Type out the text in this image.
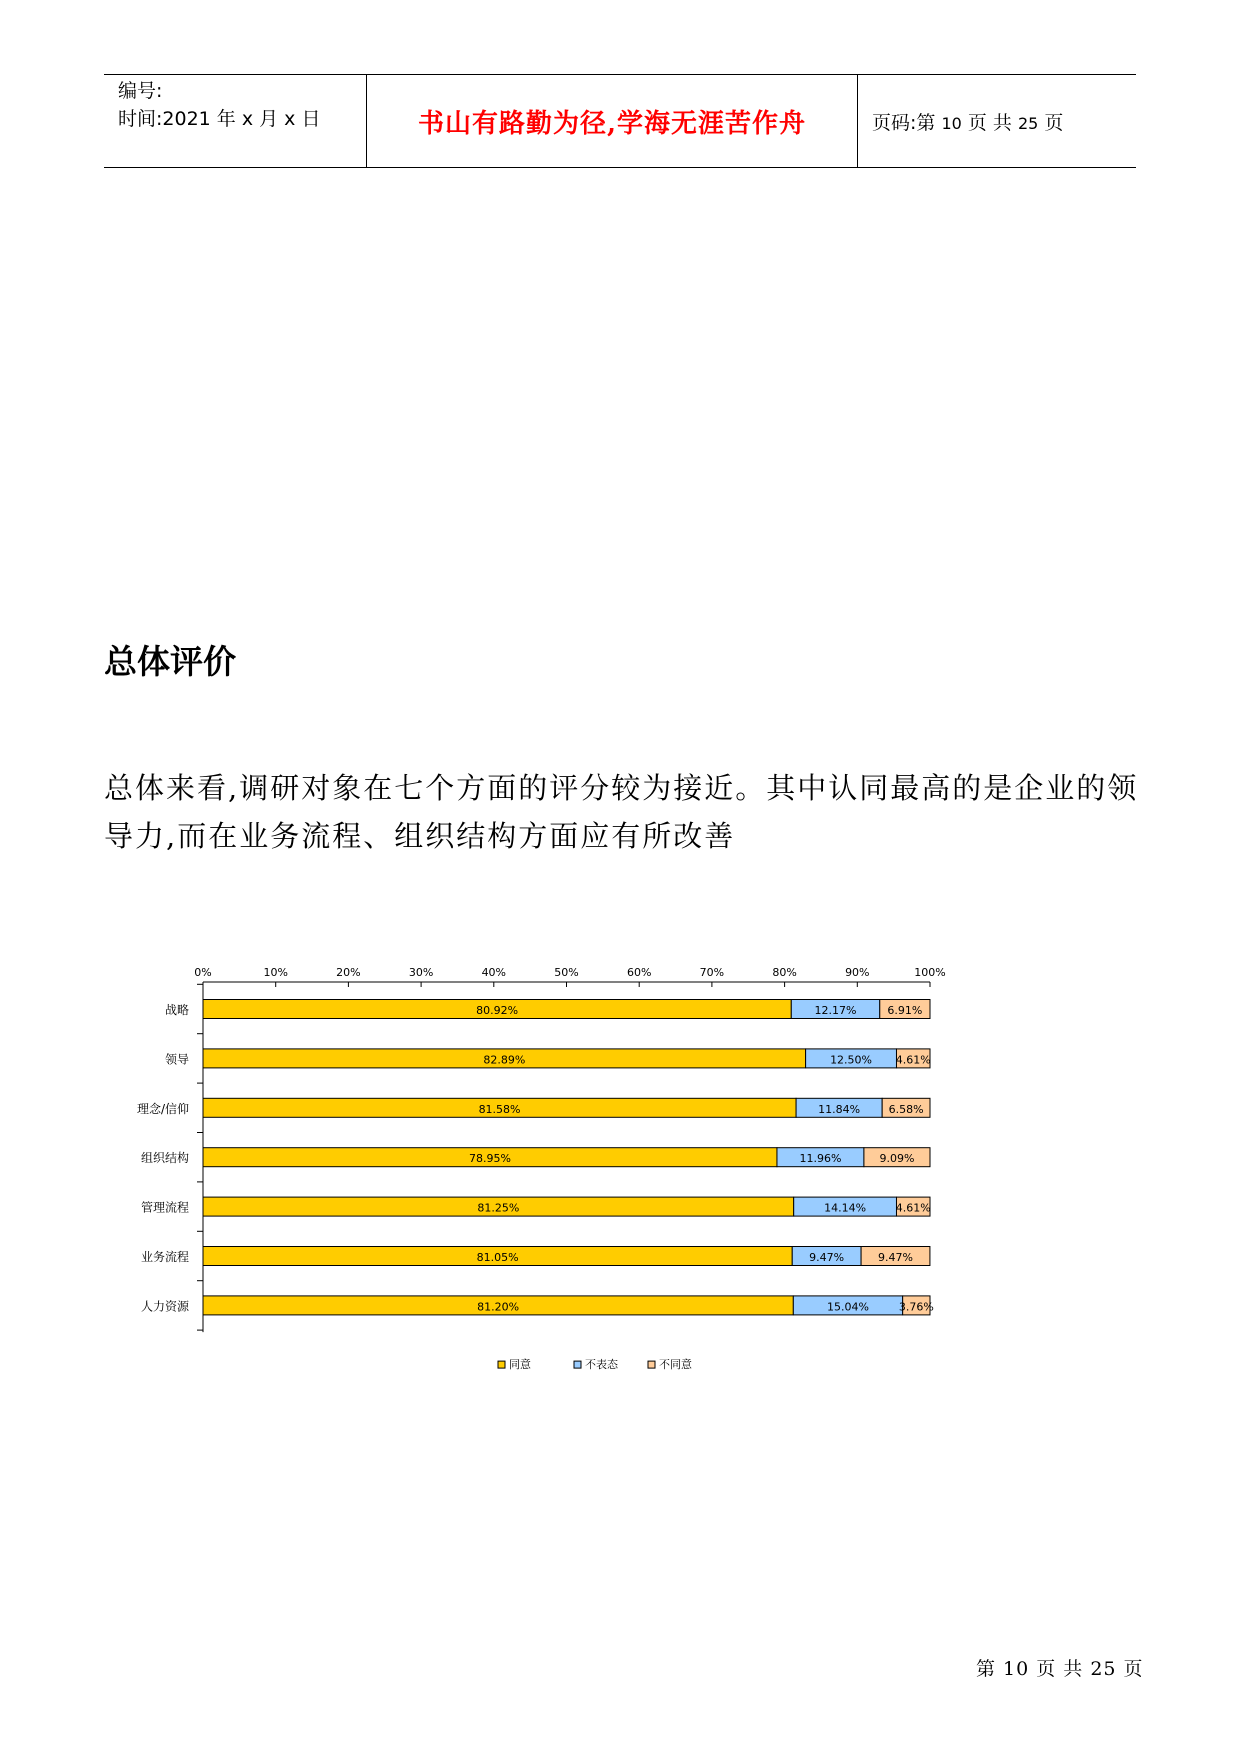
编号:
时间:2021 年 x 月 x 日	书山有路勤为径,学海无涯苦作舟	页码:第 10 页 共 25 页
总体评价
总体来看,调研对象在七个方面的评分较为接近。其中认同最高的是企业的领导力,而在业务流程、组织结构方面应有所改善
0%	10%	20%	30%	40%	50%	60%	70%	80%	90%	100%
战略	80.92%	12.17%	6.91%
领导	82.89%	12.50% 4.61%
理念/信仰	81.58%	11.84%	6.58%
组织结构	78.95%	11.96%	9.09%
管理流程	81.25%	14.14%	4.61%
业务流程	81.05%	9.47%	9.47%
人力资源	81.20%	15.04%	3.76%
同意	不表态	不同意
第 10 页 共 25 页
